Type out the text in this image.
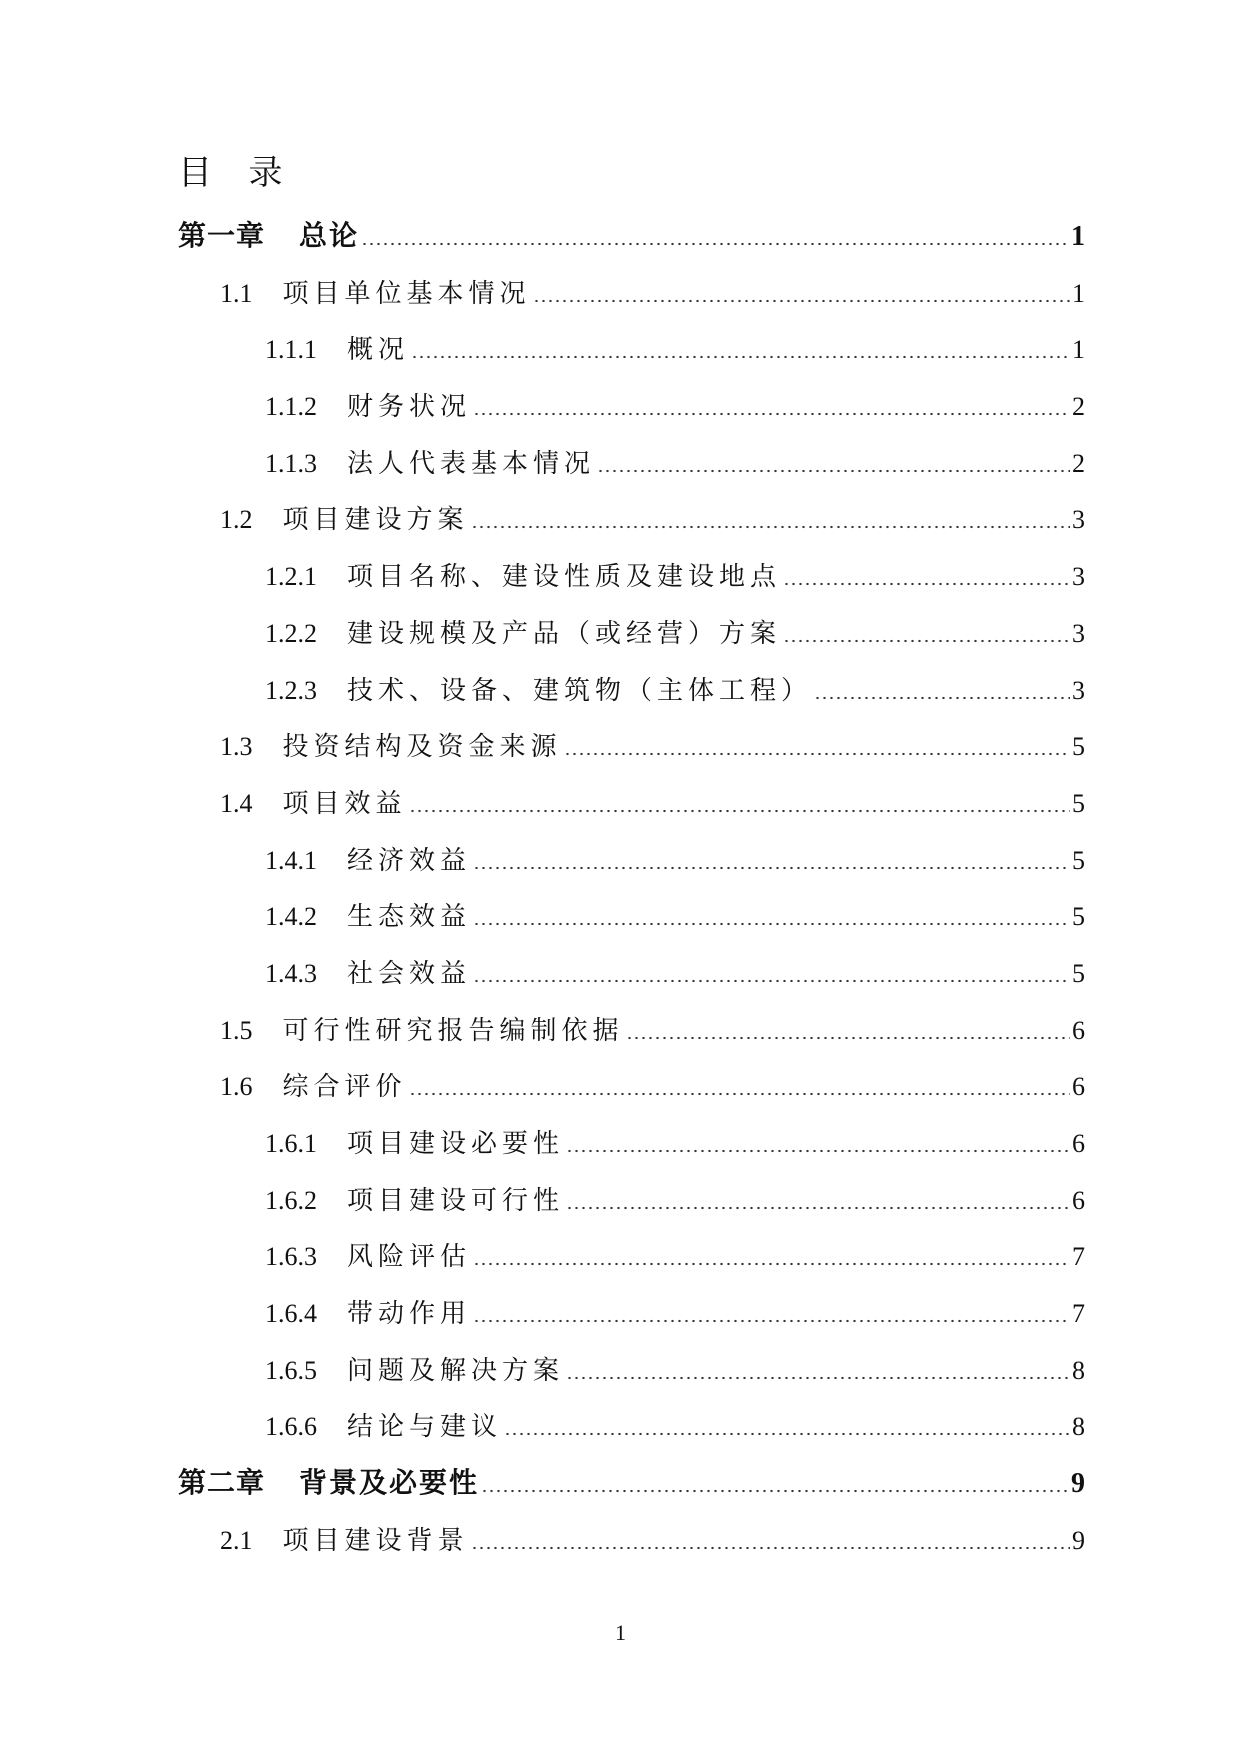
目 录
第一章 总论	1
1.1 项目单位基本情况	1
1.1.1 概况	1
1.1.2 财务状况	2
1.1.3 法人代表基本情况	2
1.2 项目建设方案	3
1.2.1 项目名称、建设性质及建设地点	3
1.2.2 建设规模及产品（或经营）方案	3
1.2.3 技术、设备、建筑物（主体工程）	3
1.3 投资结构及资金来源	5
1.4 项目效益	5
1.4.1 经济效益	5
1.4.2 生态效益	5
1.4.3 社会效益	5
1.5 可行性研究报告编制依据	6
1.6 综合评价	6
1.6.1 项目建设必要性	6
1.6.2 项目建设可行性	6
1.6.3 风险评估	7
1.6.4 带动作用	7
1.6.5 问题及解决方案	8
1.6.6 结论与建议	8
第二章 背景及必要性	9
2.1 项目建设背景	9
1
